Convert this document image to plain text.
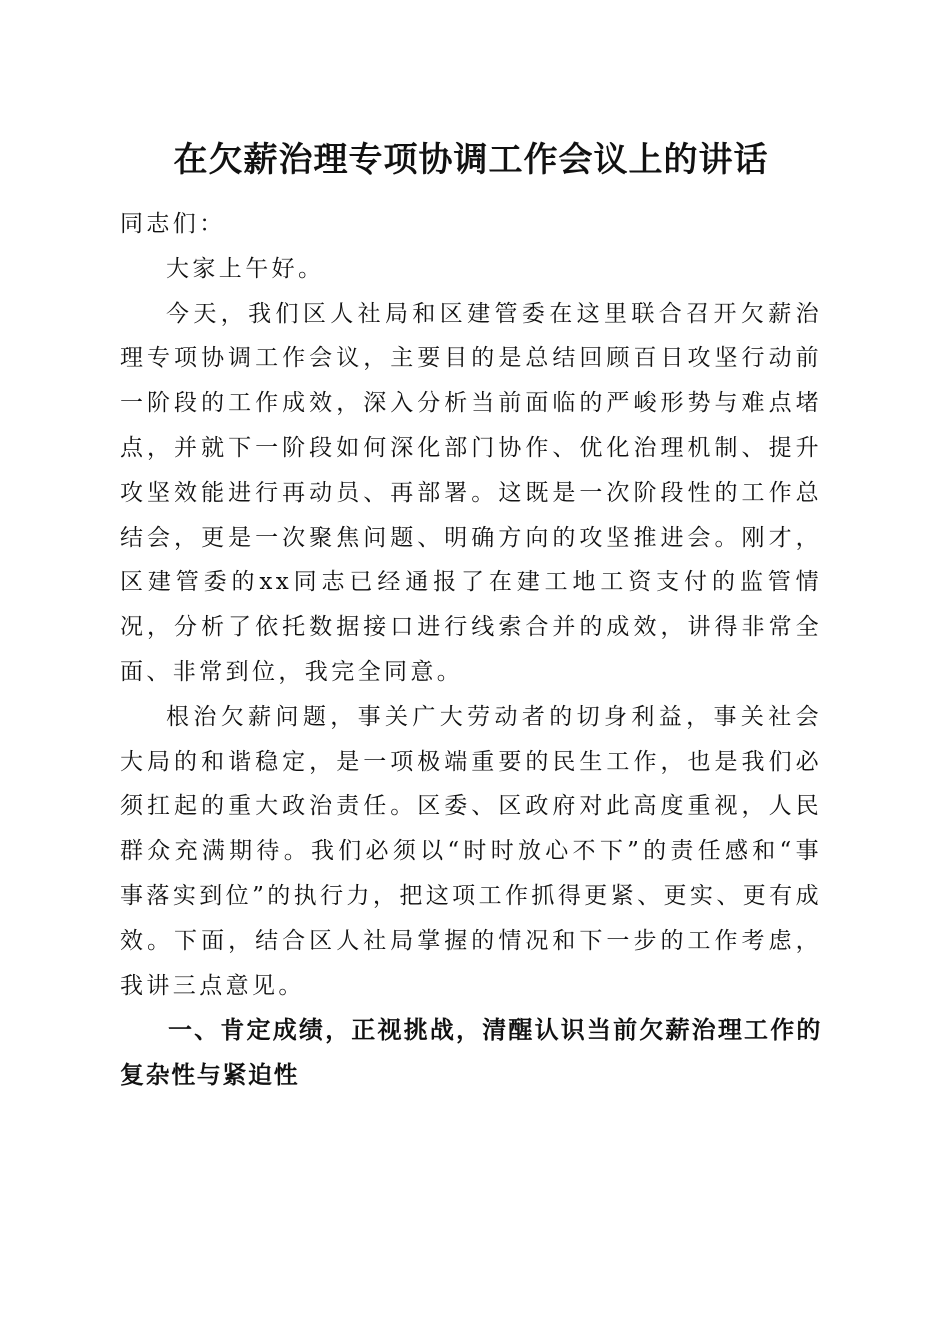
在欠薪治理专项协调工作会议上的讲话

同志们：

大家上午好。

今天，我们区人社局和区建管委在这里联合召开欠薪治理专项协调工作会议，主要目的是总结回顾百日攻坚行动前一阶段的工作成效，深入分析当前面临的严峻形势与难点堵点，并就下一阶段如何深化部门协作、优化治理机制、提升攻坚效能进行再动员、再部署。这既是一次阶段性的工作总结会，更是一次聚焦问题、明确方向的攻坚推进会。刚才，区建管委的xx同志已经通报了在建工地工资支付的监管情况，分析了依托数据接口进行线索合并的成效，讲得非常全面、非常到位，我完全同意。

根治欠薪问题，事关广大劳动者的切身利益，事关社会大局的和谐稳定，是一项极端重要的民生工作，也是我们必须扛起的重大政治责任。区委、区政府对此高度重视，人民群众充满期待。我们必须以“时时放心不下”的责任感和“事事落实到位”的执行力，把这项工作抓得更紧、更实、更有成效。下面，结合区人社局掌握的情况和下一步的工作考虑，我讲三点意见。

一、肯定成绩，正视挑战，清醒认识当前欠薪治理工作的复杂性与紧迫性
